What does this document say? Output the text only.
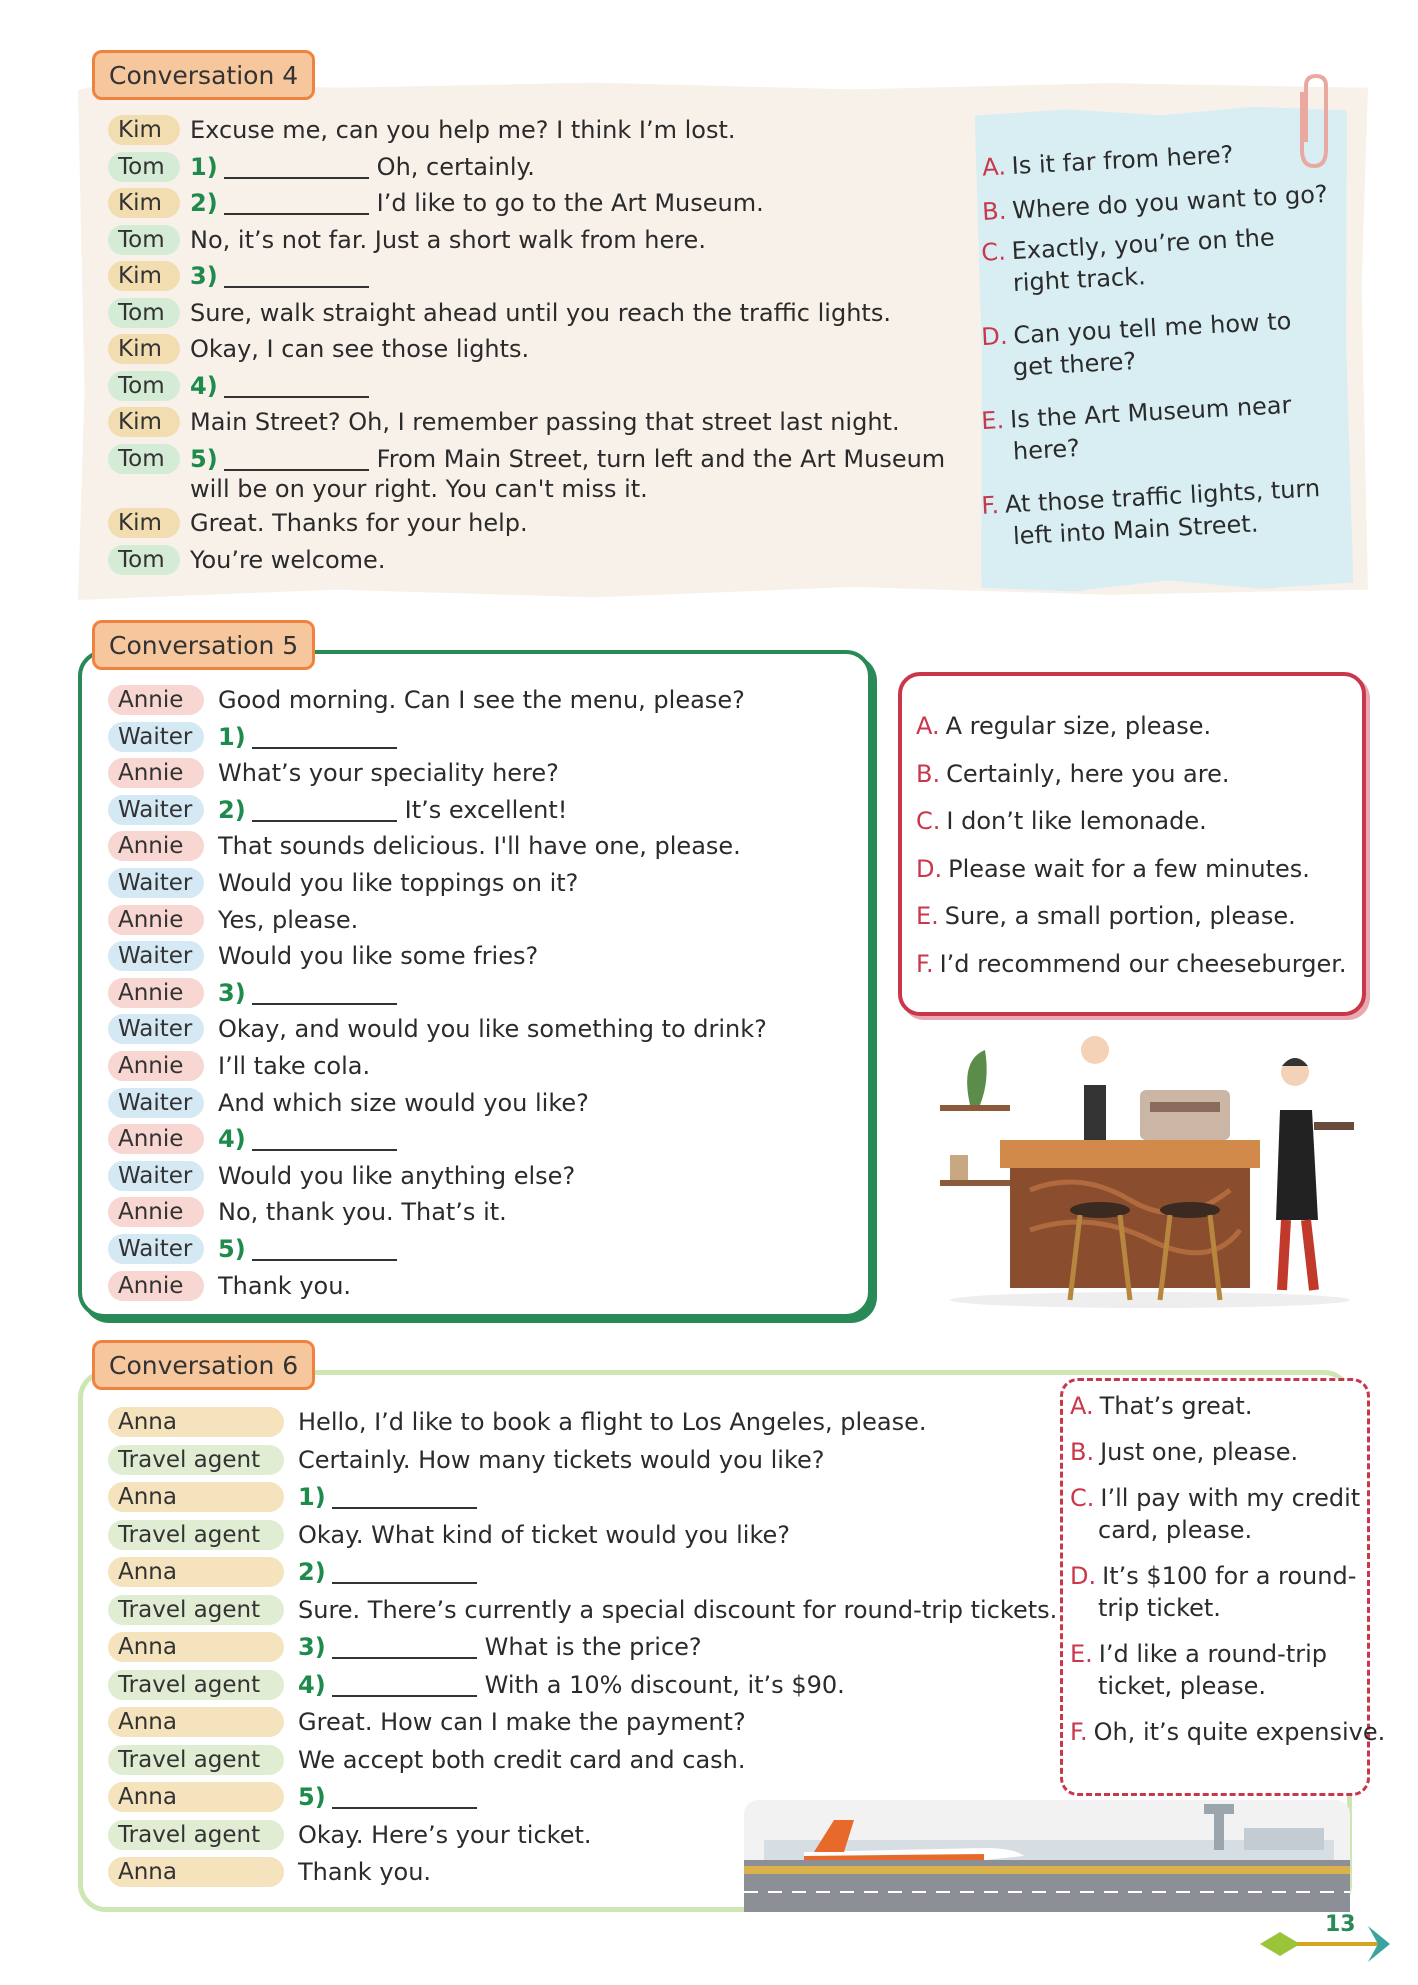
Conversation 4
Kim	Excuse me, can you help me? I think I’m lost.
Tom	1)	Oh, certainly.
Kim	2)	I’d like to go to the Art Museum.
Tom	No, it’s not far. Just a short walk from here.
Kim	3)
Tom	Sure, walk straight ahead until you reach the traffic lights.
Kim	Okay, I can see those lights.
Tom	4)
Kim	Main Street? Oh, I remember passing that street last night.
Tom	5)	From Main Street, turn left and the Art Museum
will be on your right. You can't miss it.
Kim	Great. Thanks for your help.
Tom	You’re welcome.
A. Is it far from here?
B. Where do you want to go?
C. Exactly, you’re on the
right track.
D. Can you tell me how to
get there?
E. Is the Art Museum near
here?
F. At those traffic lights, turn
left into Main Street.
Conversation 5
Annie	Good morning. Can I see the menu, please?
Waiter	1)
Annie	What’s your speciality here?
Waiter	2)	It’s excellent!
Annie	That sounds delicious. I'll have one, please.
Waiter	Would you like toppings on it?
Annie	Yes, please.
Waiter	Would you like some fries?
Annie	3)
Waiter	Okay, and would you like something to drink?
Annie	I’ll take cola.
Waiter	And which size would you like?
Annie	4)
Waiter	Would you like anything else?
Annie	No, thank you. That’s it.
Waiter	5)
Annie	Thank you.
A. A regular size, please.
B. Certainly, here you are.
C. I don’t like lemonade.
D. Please wait for a few minutes.
E. Sure, a small portion, please.
F. I’d recommend our cheeseburger.
Conversation 6
Anna	Hello, I’d like to book a flight to Los Angeles, please.
Travel agent	Certainly. How many tickets would you like?
Anna	1)
Travel agent	Okay. What kind of ticket would you like?
Anna	2)
Travel agent	Sure. There’s currently a special discount for round-trip tickets.
Anna	3)	What is the price?
Travel agent	4)	With a 10% discount, it’s $90.
Anna	Great. How can I make the payment?
Travel agent	We accept both credit card and cash.
Anna	5)
Travel agent	Okay. Here’s your ticket.
Anna	Thank you.
A. That’s great.
B. Just one, please.
C. I’ll pay with my credit
card, please.
D. It’s $100 for a round-
trip ticket.
E. I’d like a round-trip
ticket, please.
F. Oh, it’s quite expensive.
13
